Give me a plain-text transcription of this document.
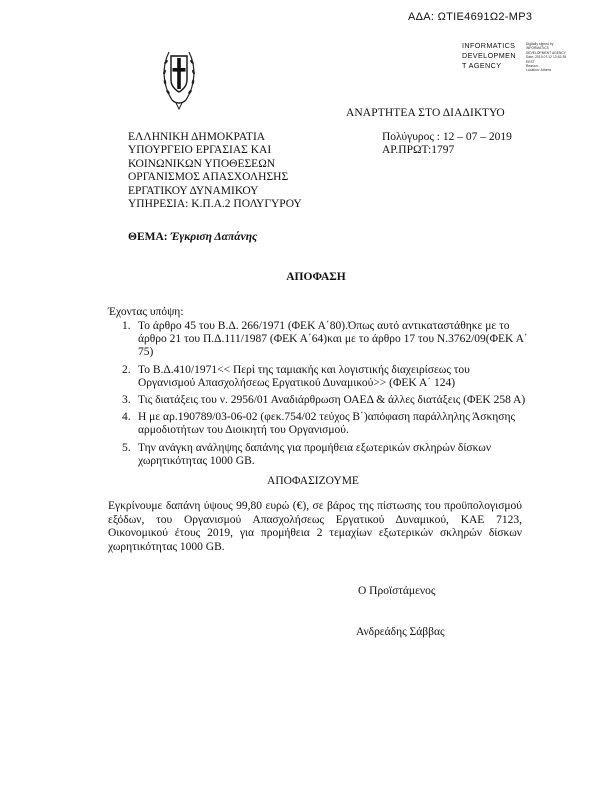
ΑΔΑ: ΩΤΙΕ4691Ω2-ΜΡ3
INFORMATICS
DEVELOPMEN
T AGENCY
Digitally signed by
INFORMATICS
DEVELOPMENT AGENCY
Date: 2019.07.12 13:52:35
EEST
Reason:
Location: Athens
ΑΝΑΡΤΗΤΕΑ ΣΤΟ ΔΙΑΔΙΚΤΥΟ
ΕΛΛΗΝΙΚΗ ΔΗΜΟΚΡΑΤΙΑ
ΥΠΟΥΡΓΕΙΟ ΕΡΓΑΣΙΑΣ ΚΑΙ
ΚΟΙΝΩΝΙΚΩΝ ΥΠΟΘΕΣΕΩΝ
ΟΡΓΑΝΙΣΜΟΣ ΑΠΑΣΧΟΛΗΣΗΣ
ΕΡΓΑΤΙΚΟΥ ΔΥΝΑΜΙΚΟΥ
ΥΠΗΡΕΣΙΑ: Κ.Π.Α.2 ΠΟΛΥΓΥΡΟΥ
Πολύγυρος : 12 – 07 – 2019
ΑΡ.ΠΡΩΤ:1797
ΘΕΜΑ: Έγκριση Δαπάνης
ΑΠΟΦΑΣΗ
Έχοντας υπόψη:
1. Το άρθρο 45 του Β.Δ. 266/1971 (ΦΕΚ Α΄80).Όπως αυτό αντικαταστάθηκε με το άρθρο 21 του Π.Δ.111/1987 (ΦΕΚ Α΄64)και με το άρθρο 17 του Ν.3762/09(ΦΕΚ Α΄ 75)
2. Το Β.Δ.410/1971<< Περί της ταμιακής και λογιστικής διαχειρίσεως του Οργανισμού Απασχολήσεως Εργατικού Δυναμικού>> (ΦΕΚ Α΄ 124)
3. Τις διατάξεις του ν. 2956/01 Αναδιάρθρωση ΟΑΕΔ & άλλες διατάξεις (ΦΕΚ 258 Α)
4. Η με αρ.190789/03-06-02 (φεκ.754/02 τεύχος Β΄)απόφαση παράλληλης Άσκησης αρμοδιοτήτων του Διοικητή του Οργανισμού.
5. Την ανάγκη ανάληψης δαπάνης για προμήθεια εξωτερικών σκληρών δίσκων χωρητικότητας 1000 GB.
ΑΠΟΦΑΣΙΖΟΥΜΕ
Εγκρίνουμε δαπάνη ύψους 99,80 ευρώ (€), σε βάρος της πίστωσης του προϋπολογισμού εξόδων, του Οργανισμού Απασχολήσεως Εργατικού Δυναμικού, ΚΑΕ 7123, Οικονομικού έτους 2019, για προμήθεια 2 τεμαχίων εξωτερικών σκληρών δίσκων χωρητικότητας 1000 GB.
Ο Προϊστάμενος
Ανδρεάδης Σάββας
